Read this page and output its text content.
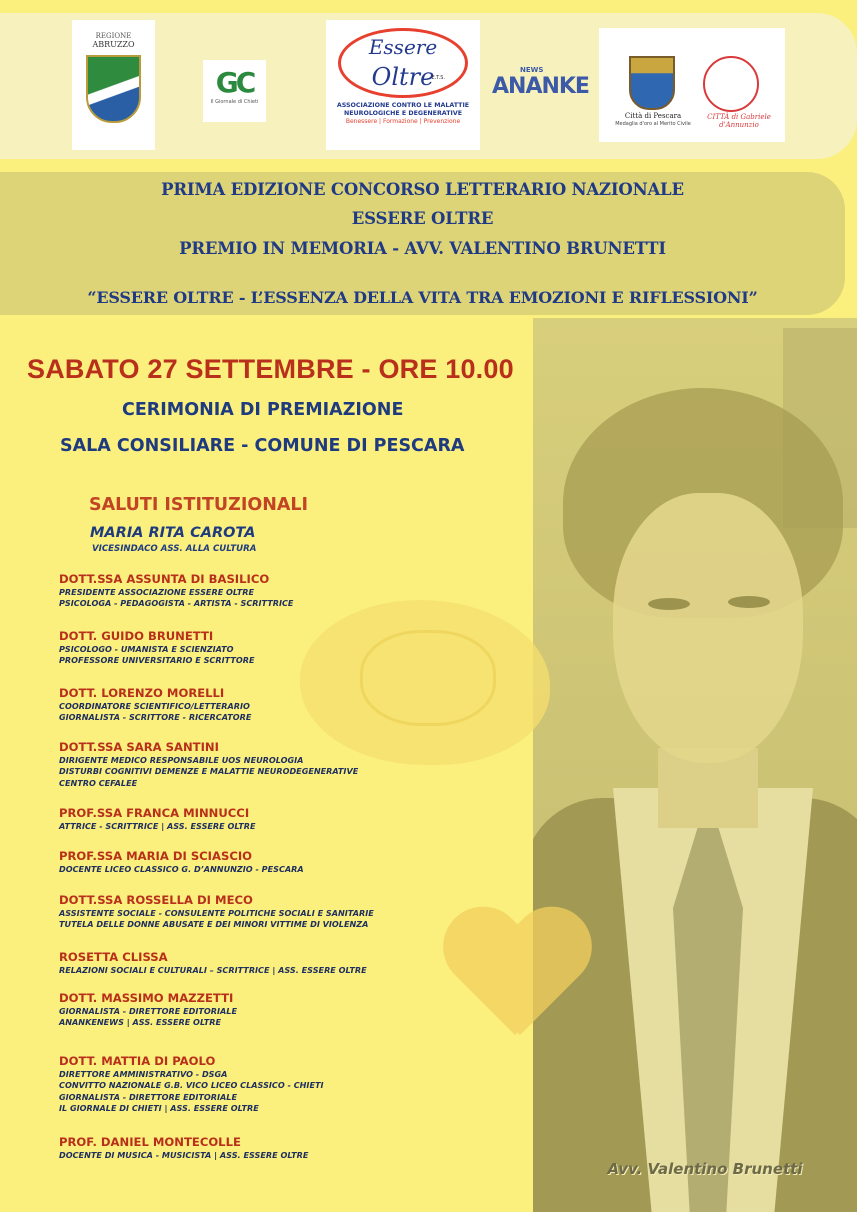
Avv. Valentino Brunetti
REGIONE
ABRUZZO
GC
Il Giornale di Chieti
Essere
Oltre
E.T.S.
ASSOCIAZIONE CONTRO LE MALATTIE
NEUROLOGICHE E DEGENERATIVE
Benessere | Formazione | Prevenzione
NEWS
ANANKE
Città di Pescara
Medaglia d'oro al Merito Civile
CITTÀ di Gabriele d'Annunzio
PRIMA EDIZIONE CONCORSO LETTERARIO NAZIONALE
ESSERE OLTRE
PREMIO IN MEMORIA - AVV. VALENTINO BRUNETTI
“ESSERE OLTRE - L’ESSENZA DELLA VITA TRA EMOZIONI E RIFLESSIONI”
SABATO 27 SETTEMBRE - ORE 10.00
CERIMONIA DI PREMIAZIONE
SALA CONSILIARE - COMUNE DI PESCARA
SALUTI ISTITUZIONALI
MARIA RITA CAROTA
VICESINDACO ASS. ALLA CULTURA
DOTT.SSA ASSUNTA DI BASILICO
PRESIDENTE ASSOCIAZIONE ESSERE OLTRE
PSICOLOGA - PEDAGOGISTA - ARTISTA - SCRITTRICE
DOTT. GUIDO BRUNETTI
PSICOLOGO - UMANISTA E SCIENZIATO
PROFESSORE UNIVERSITARIO E SCRITTORE
DOTT. LORENZO MORELLI
COORDINATORE SCIENTIFICO/LETTERARIO
GIORNALISTA - SCRITTORE - RICERCATORE
DOTT.SSA SARA SANTINI
DIRIGENTE MEDICO RESPONSABILE UOS NEUROLOGIA
DISTURBI COGNITIVI DEMENZE E MALATTIE NEURODEGENERATIVE
CENTRO CEFALEE
PROF.SSA FRANCA MINNUCCI
ATTRICE - SCRITTRICE | ASS. ESSERE OLTRE
PROF.SSA MARIA DI SCIASCIO
DOCENTE LICEO CLASSICO G. D’ANNUNZIO - PESCARA
DOTT.SSA ROSSELLA DI MECO
ASSISTENTE SOCIALE - CONSULENTE POLITICHE SOCIALI E SANITARIE
TUTELA DELLE DONNE ABUSATE E DEI MINORI VITTIME DI VIOLENZA
ROSETTA CLISSA
RELAZIONI SOCIALI E CULTURALI – SCRITTRICE | ASS. ESSERE OLTRE
DOTT. MASSIMO MAZZETTI
GIORNALISTA - DIRETTORE EDITORIALE
ANANKENEWS | ASS. ESSERE OLTRE
DOTT. MATTIA DI PAOLO
DIRETTORE AMMINISTRATIVO - DSGA
CONVITTO NAZIONALE G.B. VICO LICEO CLASSICO - CHIETI
GIORNALISTA - DIRETTORE EDITORIALE
IL GIORNALE DI CHIETI | ASS. ESSERE OLTRE
PROF. DANIEL MONTECOLLE
DOCENTE DI MUSICA - MUSICISTA | ASS. ESSERE OLTRE
